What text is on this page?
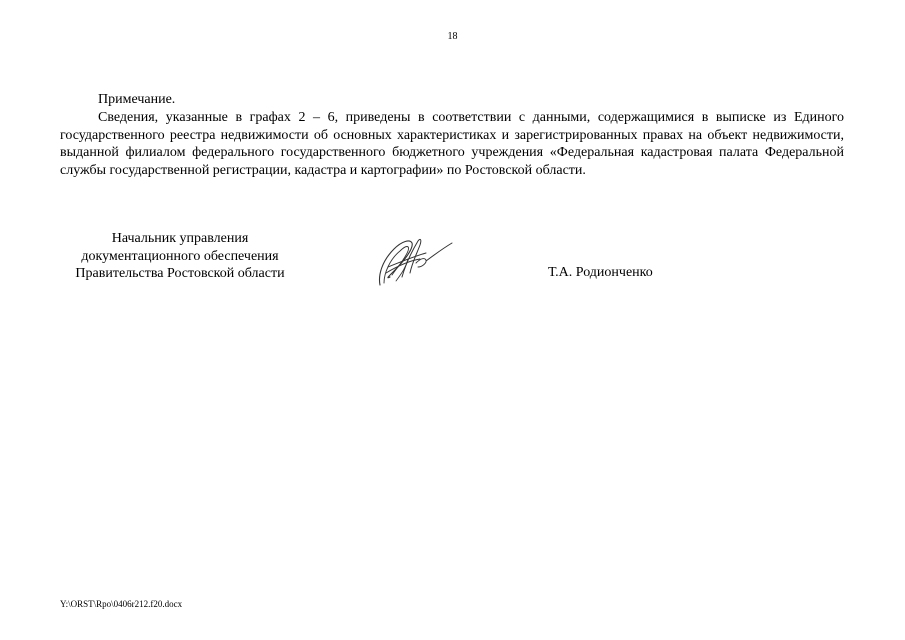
18
Примечание.

Сведения, указанные в графах 2 – 6, приведены в соответствии с данными, содержащимися в выписке из Единого государственного реестра недвижимости об основных характеристиках и зарегистрированных правах на объект недвижимости, выданной филиалом федерального государственного бюджетного учреждения «Федеральная кадастровая палата Федеральной службы государственной регистрации, кадастра и картографии» по Ростовской области.

Начальник управления
документационного обеспечения
Правительства Ростовской области	Т.А. Родионченко
Y:\ORST\Rpo\0406r212.f20.docx
